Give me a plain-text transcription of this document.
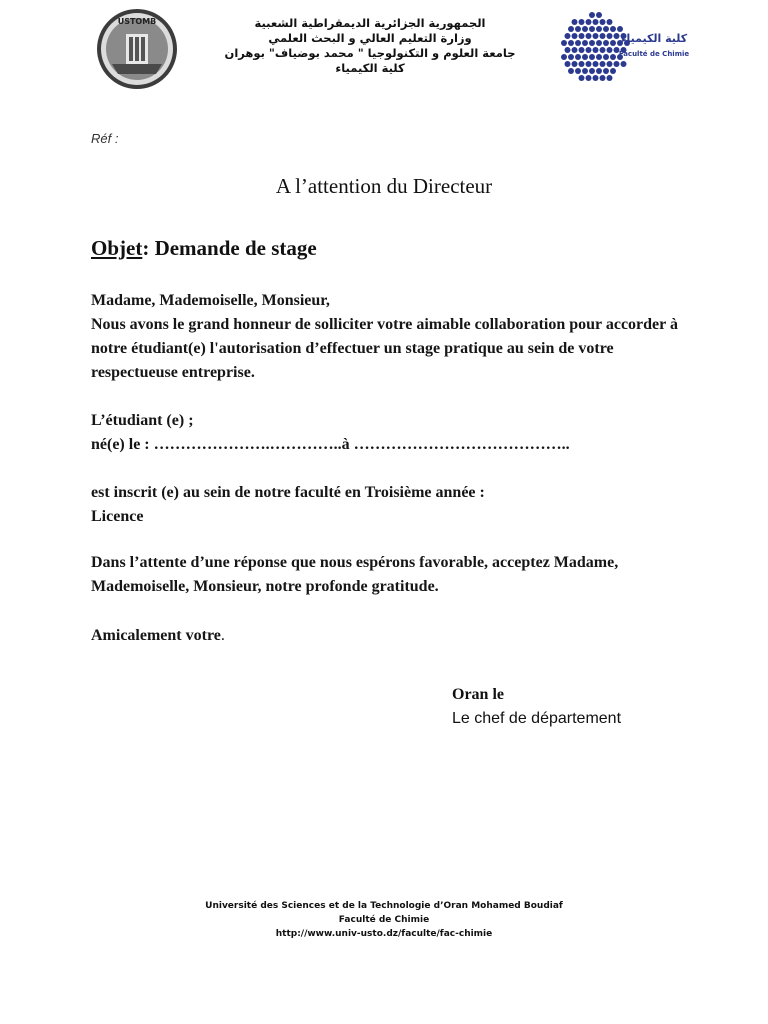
USTOMB	الجمهورية الجزائرية الديمقراطية الشعبية
وزارة التعليم العالي و البحث العلمي
جامعة العلوم و التكنولوجيا " محمد بوضياف" بوهران
كلية الكيمياء
كلية الكيمياء
Faculté de Chimie
Réf :
A l’attention du Directeur
Objet: Demande de stage

Madame, Mademoiselle, Monsieur,

Nous avons le grand honneur de solliciter votre aimable collaboration pour accorder à notre étudiant(e) l'autorisation d’effectuer un stage pratique au sein de votre respectueuse entreprise.

L’étudiant (e) ;

né(e) le : ………………….…………..à …………………………………..

est inscrit (e) au sein de notre faculté en Troisième année :

Licence

Dans l’attente d’une réponse que nous espérons favorable, acceptez Madame, Mademoiselle, Monsieur, notre profonde gratitude.

Amicalement votre.

Oran le
Le chef de département
Université des Sciences et de la Technologie d’Oran Mohamed Boudiaf
Faculté de Chimie
http://www.univ-usto.dz/faculte/fac-chimie
